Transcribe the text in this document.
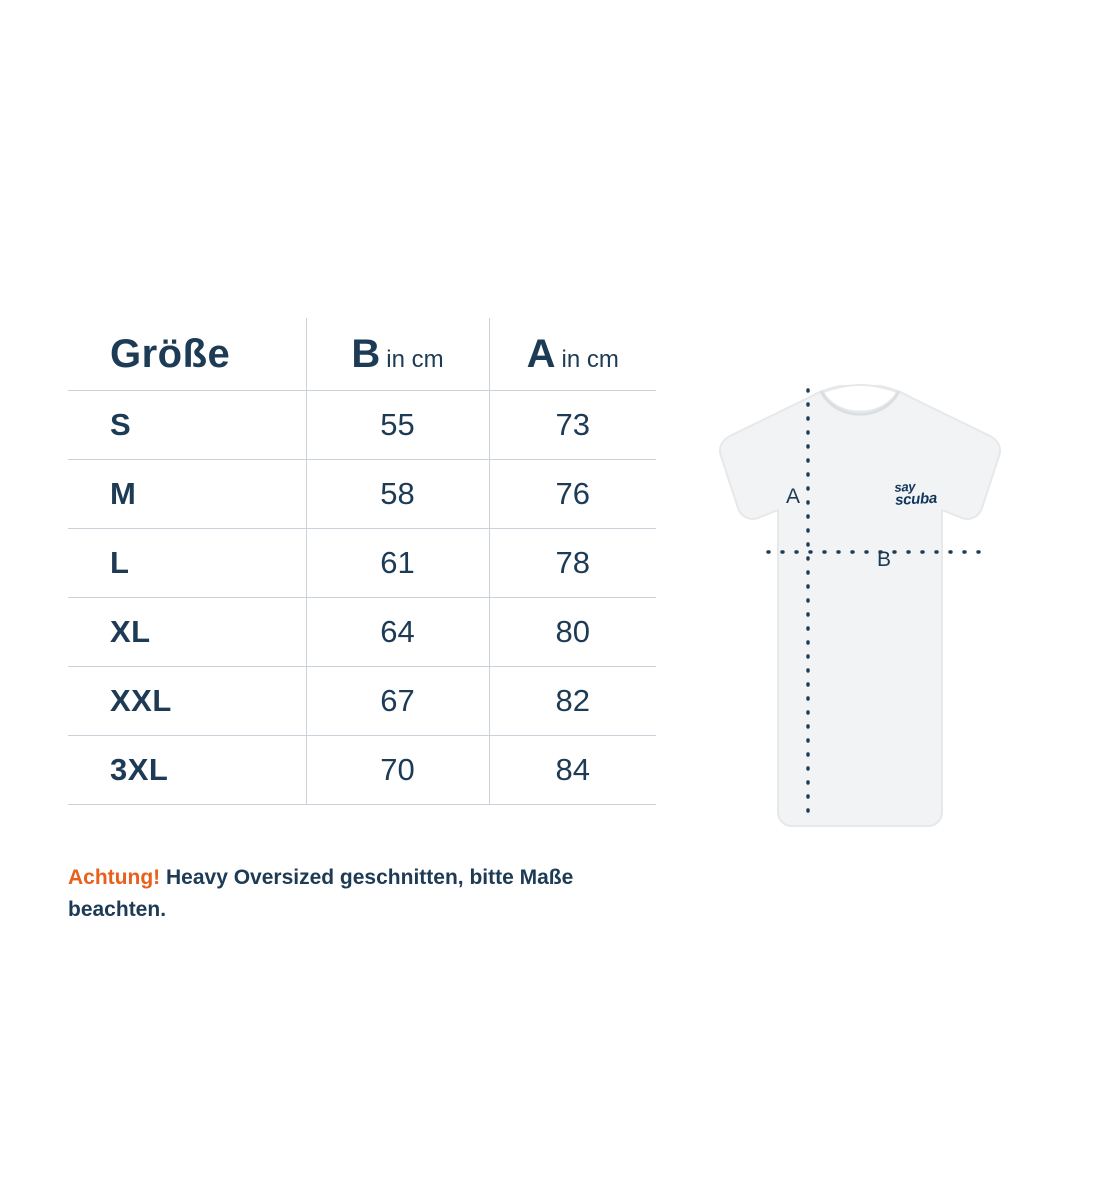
Größe	B in cm	A in cm
S	55	73
M	58	76
L	61	78
XL	64	80
XXL	67	82
3XL	70	84
Achtung! Heavy Oversized geschnitten, bitte Maße beachten.
A
B
say
scuba
